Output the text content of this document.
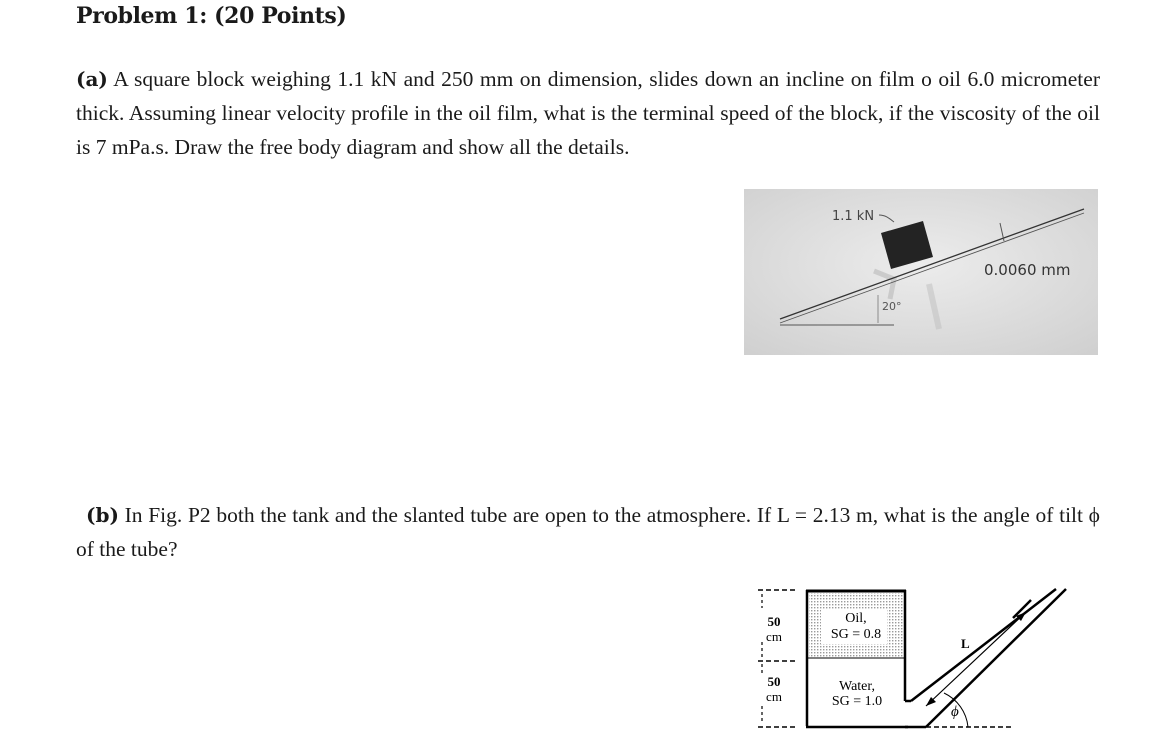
Problem 1: (20 Points)
(a) A square block weighing 1.1 kN and 250 mm on dimension, slides down an incline on film o oil 6.0 micrometer thick. Assuming linear velocity profile in the oil film, what is the terminal speed of the block, if the viscosity of the oil is 7 mPa.s. Draw the free body diagram and show all the details.
1.1 kN
0.0060 mm
20°
(b) In Fig. P2 both the tank and the slanted tube are open to the atmosphere. If L = 2.13 m, what is the angle of tilt ϕ of the tube?
50
cm
50
cm
Oil,
SG = 0.8
Water,
SG = 1.0
L
ϕ
